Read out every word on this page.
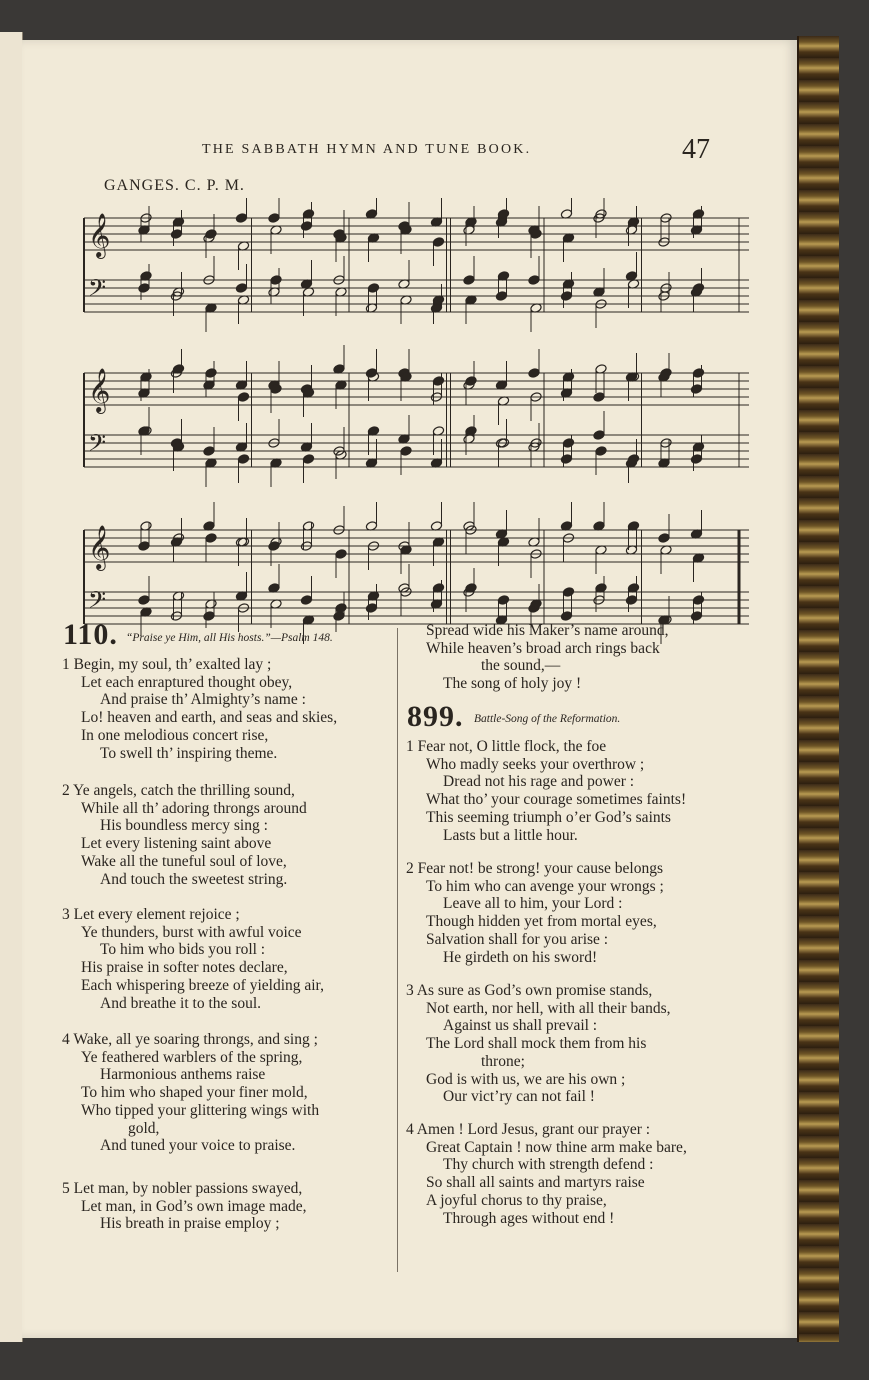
THE SABBATH HYMN AND TUNE BOOK.	47
GANGES. C. P. M.
𝄞
𝄢
𝄞
𝄢
𝄞
𝄢
110. “Praise ye Him, all His hosts.”—Psalm 148.
1 Begin, my soul, th’ exalted lay ;
Let each enraptured thought obey,
And praise th’ Almighty’s name :
Lo! heaven and earth, and seas and skies,
In one melodious concert rise,
To swell th’ inspiring theme.
2 Ye angels, catch the thrilling sound,
While all th’ adoring throngs around
His boundless mercy sing :
Let every listening saint above
Wake all the tuneful soul of love,
And touch the sweetest string.
3 Let every element rejoice ;
Ye thunders, burst with awful voice
To him who bids you roll :
His praise in softer notes declare,
Each whispering breeze of yielding air,
And breathe it to the soul.
4 Wake, all ye soaring throngs, and sing ;
Ye feathered warblers of the spring,
Harmonious anthems raise
To him who shaped your finer mold,
Who tipped your glittering wings with
gold,
And tuned your voice to praise.
5 Let man, by nobler passions swayed,
Let man, in God’s own image made,
His breath in praise employ ;
Spread wide his Maker’s name around,
While heaven’s broad arch rings back
the sound,—
The song of holy joy !
899. Battle-Song of the Reformation.
1 Fear not, O little flock, the foe
Who madly seeks your overthrow ;
Dread not his rage and power :
What tho’ your courage sometimes faints!
This seeming triumph o’er God’s saints
Lasts but a little hour.
2 Fear not! be strong! your cause belongs
To him who can avenge your wrongs ;
Leave all to him, your Lord :
Though hidden yet from mortal eyes,
Salvation shall for you arise :
He girdeth on his sword!
3 As sure as God’s own promise stands,
Not earth, nor hell, with all their bands,
Against us shall prevail :
The Lord shall mock them from his
throne;
God is with us, we are his own ;
Our vict’ry can not fail !
4 Amen ! Lord Jesus, grant our prayer :
Great Captain ! now thine arm make bare,
Thy church with strength defend :
So shall all saints and martyrs raise
A joyful chorus to thy praise,
Through ages without end !
